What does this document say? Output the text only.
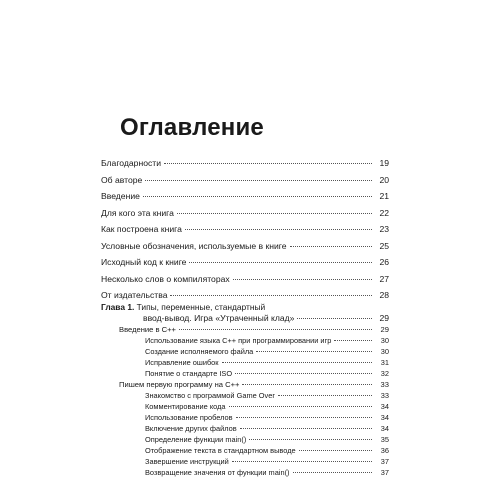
Оглавление
Благодарности	19
Об авторе	20
Введение	21
Для кого эта книга	22
Как построена книга	23
Условные обозначения, используемые в книге	25
Исходный код к книге	26
Несколько слов о компиляторах	27
От издательства	28
Глава 1. Типы, переменные, стандартный
ввод-вывод. Игра «Утраченный клад»	29
Введение в C++	29
Использование языка C++ при программировании игр	30
Создание исполняемого файла	30
Исправление ошибок	31
Понятие о стандарте ISO	32
Пишем первую программу на C++	33
Знакомство с программой Game Over	33
Комментирование кода	34
Использование пробелов	34
Включение других файлов	34
Определение функции main()	35
Отображение текста в стандартном выводе	36
Завершение инструкций	37
Возвращение значения от функции main()	37
